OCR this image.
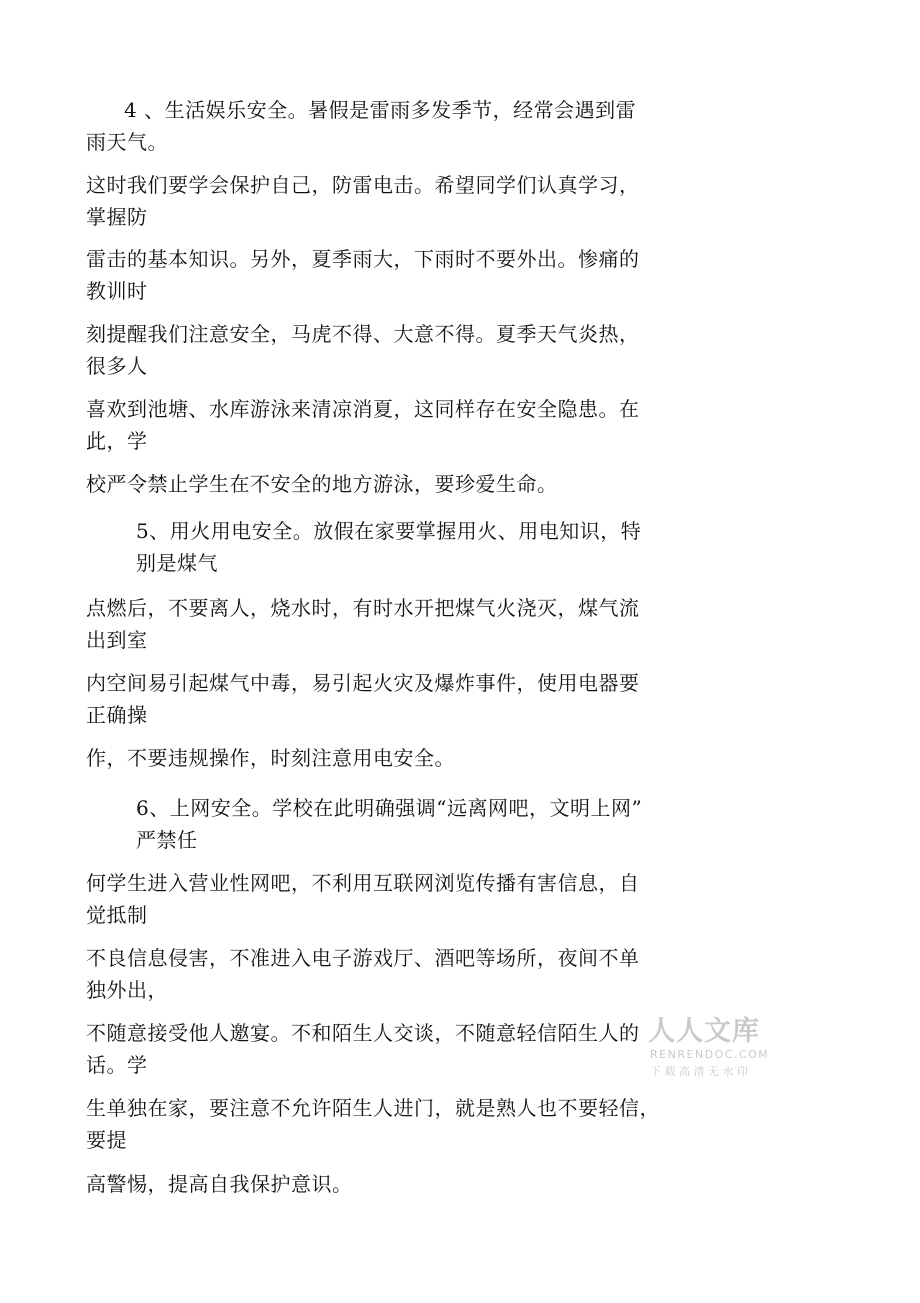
4 、生活娱乐安全。暑假是雷雨多发季节，经常会遇到雷
雨天气。
这时我们要学会保护自己，防雷电击。希望同学们认真学习，
掌握防
雷击的基本知识。另外，夏季雨大，下雨时不要外出。惨痛的
教训时
刻提醒我们注意安全，马虎不得、大意不得。夏季天气炎热，
很多人
喜欢到池塘、水库游泳来清凉消夏，这同样存在安全隐患。在
此，学
校严令禁止学生在不安全的地方游泳，要珍爱生命。
5、用火用电安全。放假在家要掌握用火、用电知识，特
别是煤气
点燃后，不要离人，烧水时，有时水开把煤气火浇灭，煤气流
出到室
内空间易引起煤气中毒，易引起火灾及爆炸事件，使用电器要
正确操
作，不要违规操作，时刻注意用电安全。
6、上网安全。学校在此明确强调“远离网吧，文明上网”
严禁任
何学生进入营业性网吧，不利用互联网浏览传播有害信息，自
觉抵制
不良信息侵害，不准进入电子游戏厅、酒吧等场所，夜间不单
独外出，
不随意接受他人邀宴。不和陌生人交谈，不随意轻信陌生人的
话。学
生单独在家，要注意不允许陌生人进门，就是熟人也不要轻信，
要提
高警惕，提高自我保护意识。
人人文库
RENRENDOC.COM
下载高清无水印
